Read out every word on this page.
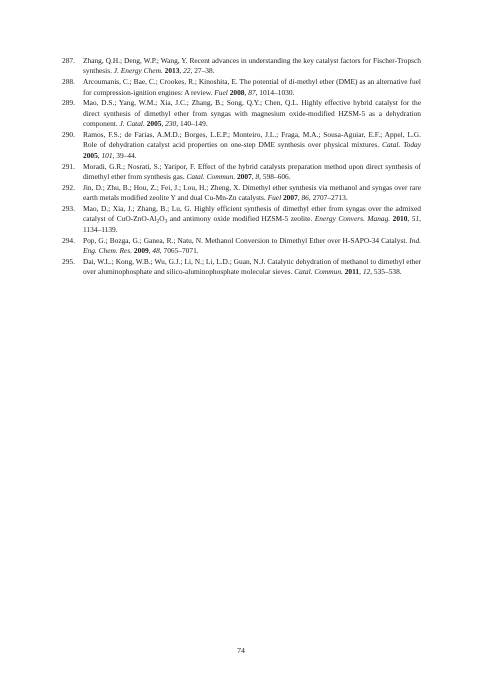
287.	Zhang, Q.H.; Deng, W.P.; Wang, Y. Recent advances in understanding the key catalyst factors for Fischer-Tropsch synthesis. J. Energy Chem. 2013, 22, 27–38.
288.	Arcoumanis, C.; Bae, C.; Crookes, R.; Kinoshita, E. The potential of di-methyl ether (DME) as an alternative fuel for compression-ignition engines: A review. Fuel 2008, 87, 1014–1030.
289.	Mao, D.S.; Yang, W.M.; Xia, J.C.; Zhang, B.; Song, Q.Y.; Chen, Q.L. Highly effective hybrid catalyst for the direct synthesis of dimethyl ether from syngas with magnesium oxide-modified HZSM-5 as a dehydration component. J. Catal. 2005, 230, 140–149.
290.	Ramos, F.S.; de Farias, A.M.D.; Borges, L.E.P.; Monteiro, J.L.; Fraga, M.A.; Sousa-Aguiar, E.F.; Appel, L.G. Role of dehydration catalyst acid properties on one-step DME synthesis over physical mixtures. Catal. Today 2005, 101, 39–44.
291.	Moradi, G.R.; Nosrati, S.; Yaripor, F. Effect of the hybrid catalysts preparation method upon direct synthesis of dimethyl ether from synthesis gas. Catal. Commun. 2007, 8, 598–606.
292.	Jin, D.; Zhu, B.; Hou, Z.; Fei, J.; Lou, H.; Zheng, X. Dimethyl ether synthesis via methanol and syngas over rare earth metals modified zeolite Y and dual Cu-Mn-Zn catalysts. Fuel 2007, 86, 2707–2713.
293.	Mao, D.; Xia, J.; Zhang, B.; Lu, G. Highly efficient synthesis of dimethyl ether from syngas over the admixed catalyst of CuO-$ZnO-Al_2O_3$ and antimony oxide modified HZSM-5 zeolite. Energy Convers. Manag. 2010, 51, 1134–1139.
294.	Pop, G.; Bozga, G.; Ganea, R.; Natu, N. Methanol Conversion to Dimethyl Ether over H-SAPO-34 Catalyst. Ind. Eng. Chem. Res. 2009, 48, 7065–7071.
295.	Dai, W.L.; Kong, W.B.; Wu, G.J.; Li, N.; Li, L.D.; Guan, N.J. Catalytic dehydration of methanol to dimethyl ether over aluminophosphate and silico-aluminophosphate molecular sieves. Catal. Commun. 2011, 12, 535–538.
74
